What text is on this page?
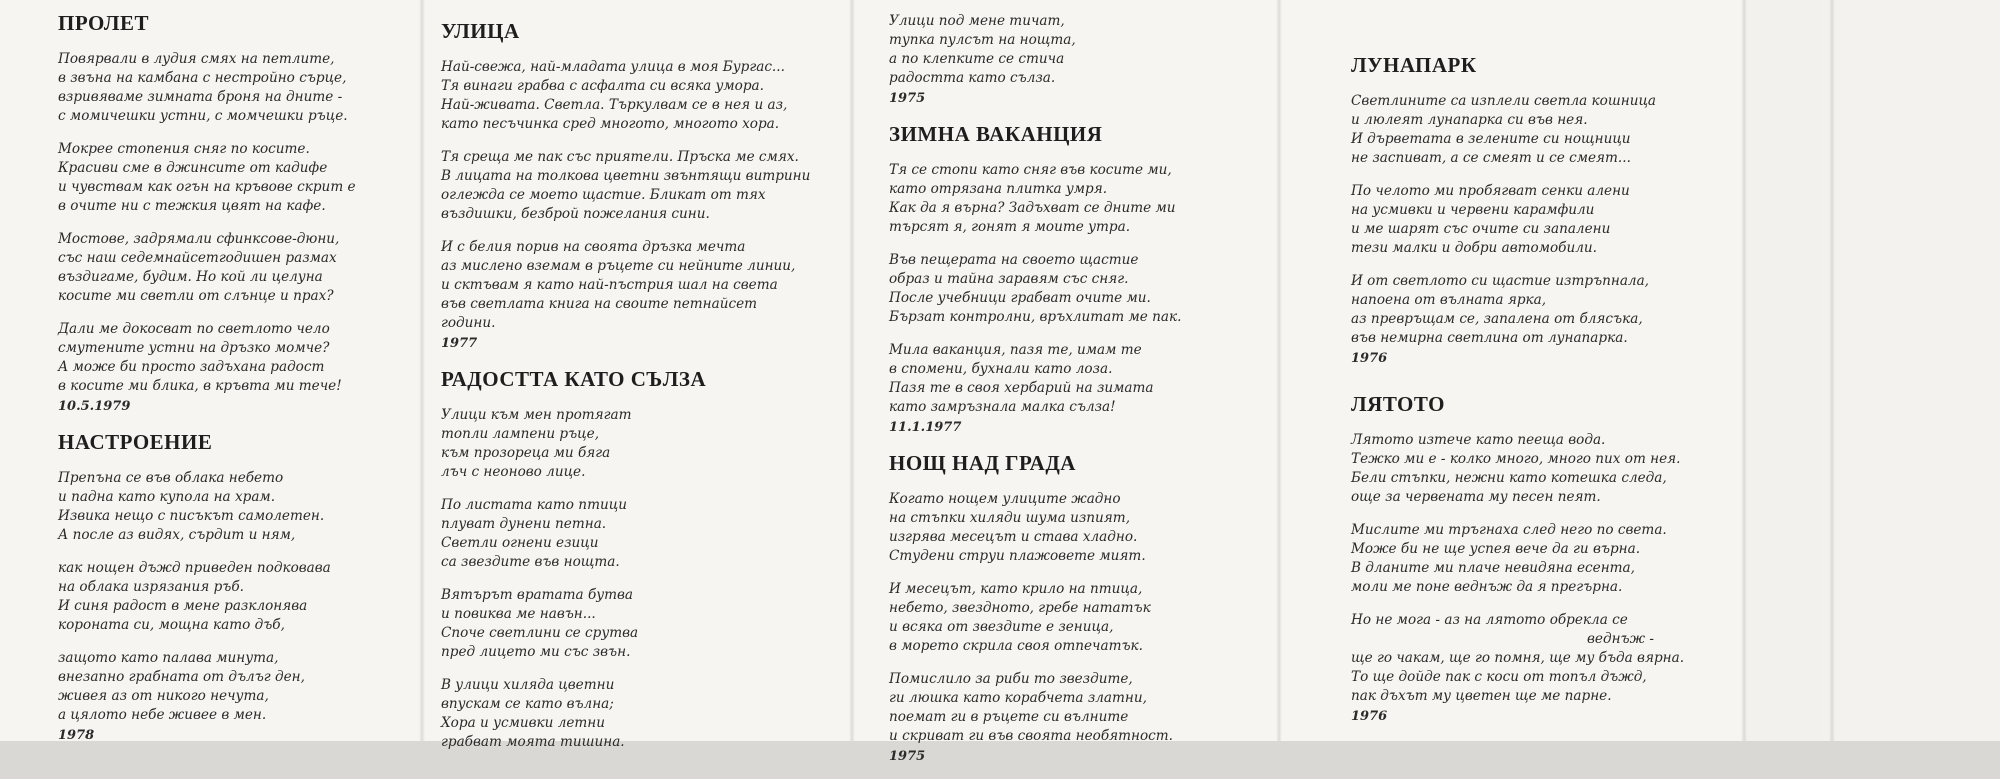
ПРОЛЕТ
Повярвали в лудия смях на петлите,
в звъна на камбана с нестройно сърце,
взривяваме зимната броня на дните -
с момичешки устни, с момчешки ръце.
Мокрее стопения сняг по косите.
Красиви сме в джинсите от кадифе
и чувствам как огън на кръвове скрит е
в очите ни с тежкия цвят на кафе.
Мостове, задрямали сфинксове-дюни,
със наш седемнайсетгодишен размах
въздигаме, будим. Но кой ли целуна
косите ми светли от слънце и прах?
Дали ме докосват по светлото чело
смутените устни на дръзко момче?
А може би просто задъхана радост
в косите ми блика, в кръвта ми тече!
10.5.1979
НАСТРОЕНИЕ
Препъна се във облака небето
и падна като купола на храм.
Извика нещо с писъкът самолетен.
А после аз видях, сърдит и ням,
как нощен дъжд приведен подковава
на облака изрязания ръб.
И синя радост в мене разклонява
короната си, мощна като дъб,
защото като палава минута,
внезапно грабната от дълъг ден,
живея аз от никого нечута,
а цялото небе живее в мен.
1978
УЛИЦА
Най-свежа, най-младата улица в моя Бургас...
Тя винаги грабва с асфалта си всяка умора.
Най-живата. Светла. Търкулвам се в нея и аз,
като песъчинка сред многото, многото хора.
Тя среща ме пак със приятели. Пръска ме смях.
В лицата на толкова цветни звънтящи витрини
оглежда се моето щастие. Бликат от тях
въздишки, безброй пожелания сини.
И с белия порив на своята дръзка мечта
аз мислено вземам в ръцете си нейните линии,
и сктъвам я като най-пъстрия шал на света
във светлата книга на своите петнайсет
години.
1977
РАДОСТТА КАТО СЪЛЗА
Улици към мен протягат
топли лампени ръце,
към прозореца ми бяга
лъч с неоново лице.
По листата като птици
плуват дунени петна.
Светли огнени езици
са звездите във нощта.
Вятърът вратата бутва
и повиква ме навън...
Споче светлини се срутва
пред лицето ми със звън.
В улици хиляда цветни
впускам се като вълна;
Хора и усмивки летни
грабват моята тишина.
Улици под мене тичат,
тупка пулсът на нощта,
а по клепките се стича
радостта като сълза.
1975
ЗИМНА ВАКАНЦИЯ
Тя се стопи като сняг във косите ми,
като отрязана плитка умря.
Как да я върна? Задъхват се дните ми
търсят я, гонят я моите утра.
Във пещерата на своето щастие
образ и тайна заравям със сняг.
После учебници грабват очите ми.
Бързат контролни, връхлитат ме пак.
Мила ваканция, пазя те, имам те
в спомени, бухнали като лоза.
Пазя те в своя хербарий на зимата
като замръзнала малка сълза!
11.1.1977
НОЩ НАД ГРАДА
Когато нощем улиците жадно
на стъпки хиляди шума изпият,
изгрява месецът и става хладно.
Студени струи плажовете мият.
И месецът, като крило на птица,
небето, звездното, гребе нататък
и всяка от звездите е зеница,
в морето скрила своя отпечатък.
Помислило за риби то звездите,
ги люшка като корабчета златни,
поемат ги в ръцете си вълните
и скриват ги във своята необятност.
1975
ЛУНАПАРК
Светлините са изплели светла кошница
и люлеят лунапарка си във нея.
И дърветата в зелените си нощници
не заспиват, а се смеят и се смеят...
По челото ми пробягват сенки алени
на усмивки и червени карамфили
и ме шарят със очите си запалени
тези малки и добри автомобили.
И от светлото си щастие изтръпнала,
напоена от вълната ярка,
аз превръщам се, запалена от блясъка,
във немирна светлина от лунапарка.
1976
ЛЯТОТО
Лятото изтече като пееща вода.
Тежко ми е - колко много, много пих от нея.
Бели стъпки, нежни като котешка следа,
още за червената му песен пеят.
Мислите ми тръгнаха след него по света.
Може би не ще успея вече да ги върна.
В дланите ми плаче невидяна есента,
моли ме поне веднъж да я прегърна.
Но не мога - аз на лятото обрекла се
веднъж -
ще го чакам, ще го помня, ще му бъда вярна.
То ще дойде пак с коси от топъл дъжд,
пак дъхът му цветен ще ме парне.
1976
